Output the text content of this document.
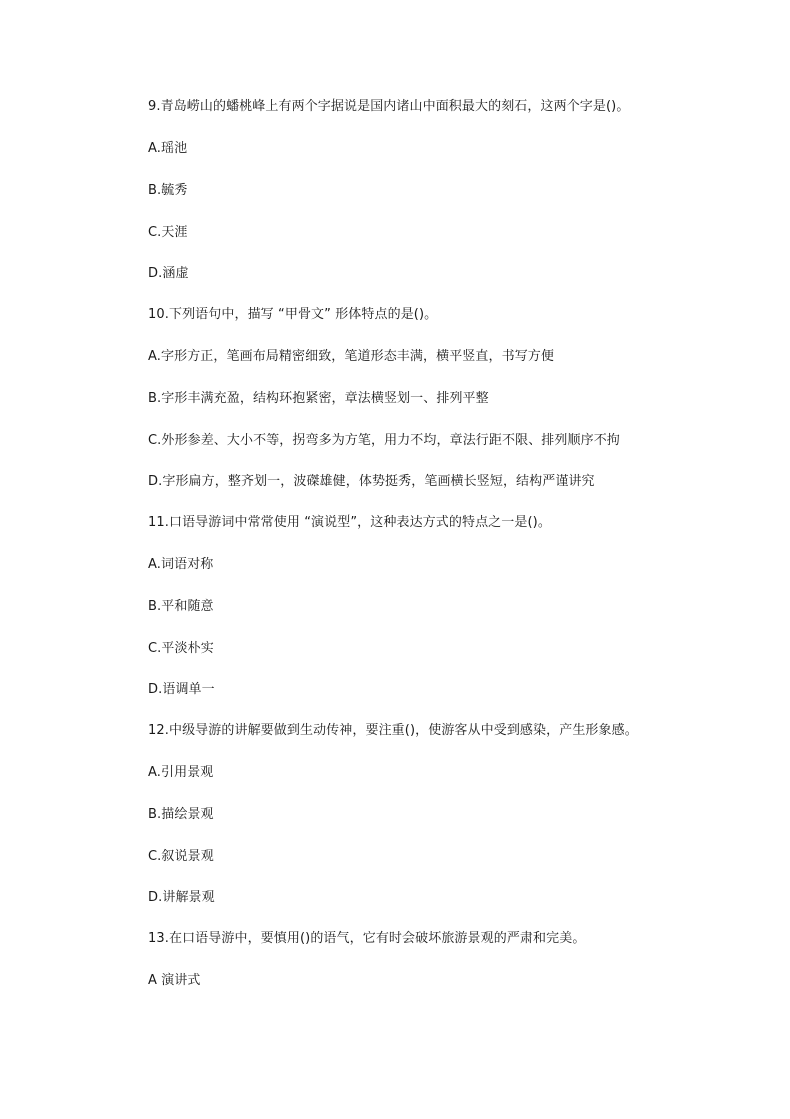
9.青岛崂山的蟠桃峰上有两个字据说是国内诸山中面积最大的刻石，这两个字是()。
A.瑶池
B.毓秀
C.天涯
D.涵虚
10.下列语句中，描写 “甲骨文” 形体特点的是()。
A.字形方正，笔画布局精密细致，笔道形态丰满，横平竖直，书写方便
B.字形丰满充盈，结构环抱紧密，章法横竖划一、排列平整
C.外形参差、大小不等，拐弯多为方笔，用力不均，章法行距不限、排列顺序不拘
D.字形扁方，整齐划一，波磔雄健，体势挺秀，笔画横长竖短，结构严谨讲究
11.口语导游词中常常使用 “演说型”，这种表达方式的特点之一是()。
A.词语对称
B.平和随意
C.平淡朴实
D.语调单一
12.中级导游的讲解要做到生动传神，要注重()，使游客从中受到感染，产生形象感。
A.引用景观
B.描绘景观
C.叙说景观
D.讲解景观
13.在口语导游中，要慎用()的语气，它有时会破坏旅游景观的严肃和完美。
A 演讲式
